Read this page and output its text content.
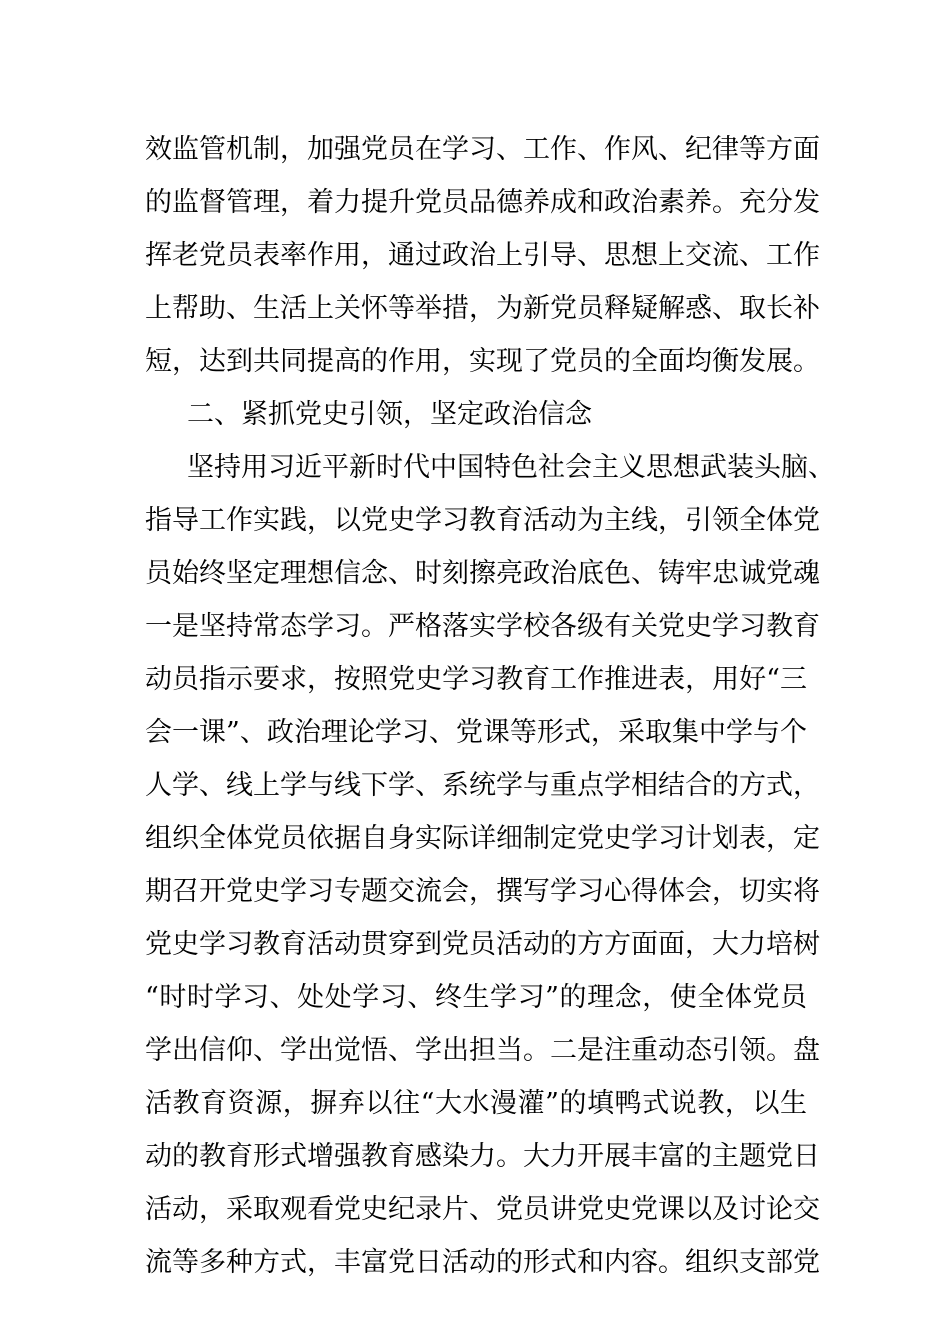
效监管机制，加强党员在学习、工作、作风、纪律等方面
的监督管理，着力提升党员品德养成和政治素养。充分发
挥老党员表率作用，通过政治上引导、思想上交流、工作
上帮助、生活上关怀等举措，为新党员释疑解惑、取长补
短，达到共同提高的作用，实现了党员的全面均衡发展。
二、紧抓党史引领，坚定政治信念
坚持用习近平新时代中国特色社会主义思想武装头脑、
指导工作实践，以党史学习教育活动为主线，引领全体党
员始终坚定理想信念、时刻擦亮政治底色、铸牢忠诚党魂
一是坚持常态学习。严格落实学校各级有关党史学习教育
动员指示要求，按照党史学习教育工作推进表，用好“三
会一课”、政治理论学习、党课等形式，采取集中学与个
人学、线上学与线下学、系统学与重点学相结合的方式，
组织全体党员依据自身实际详细制定党史学习计划表，定
期召开党史学习专题交流会，撰写学习心得体会，切实将
党史学习教育活动贯穿到党员活动的方方面面，大力培树
“时时学习、处处学习、终生学习”的理念，使全体党员
学出信仰、学出觉悟、学出担当。二是注重动态引领。盘
活教育资源，摒弃以往“大水漫灌”的填鸭式说教，以生
动的教育形式增强教育感染力。大力开展丰富的主题党日
活动，采取观看党史纪录片、党员讲党史党课以及讨论交
流等多种方式，丰富党日活动的形式和内容。组织支部党
